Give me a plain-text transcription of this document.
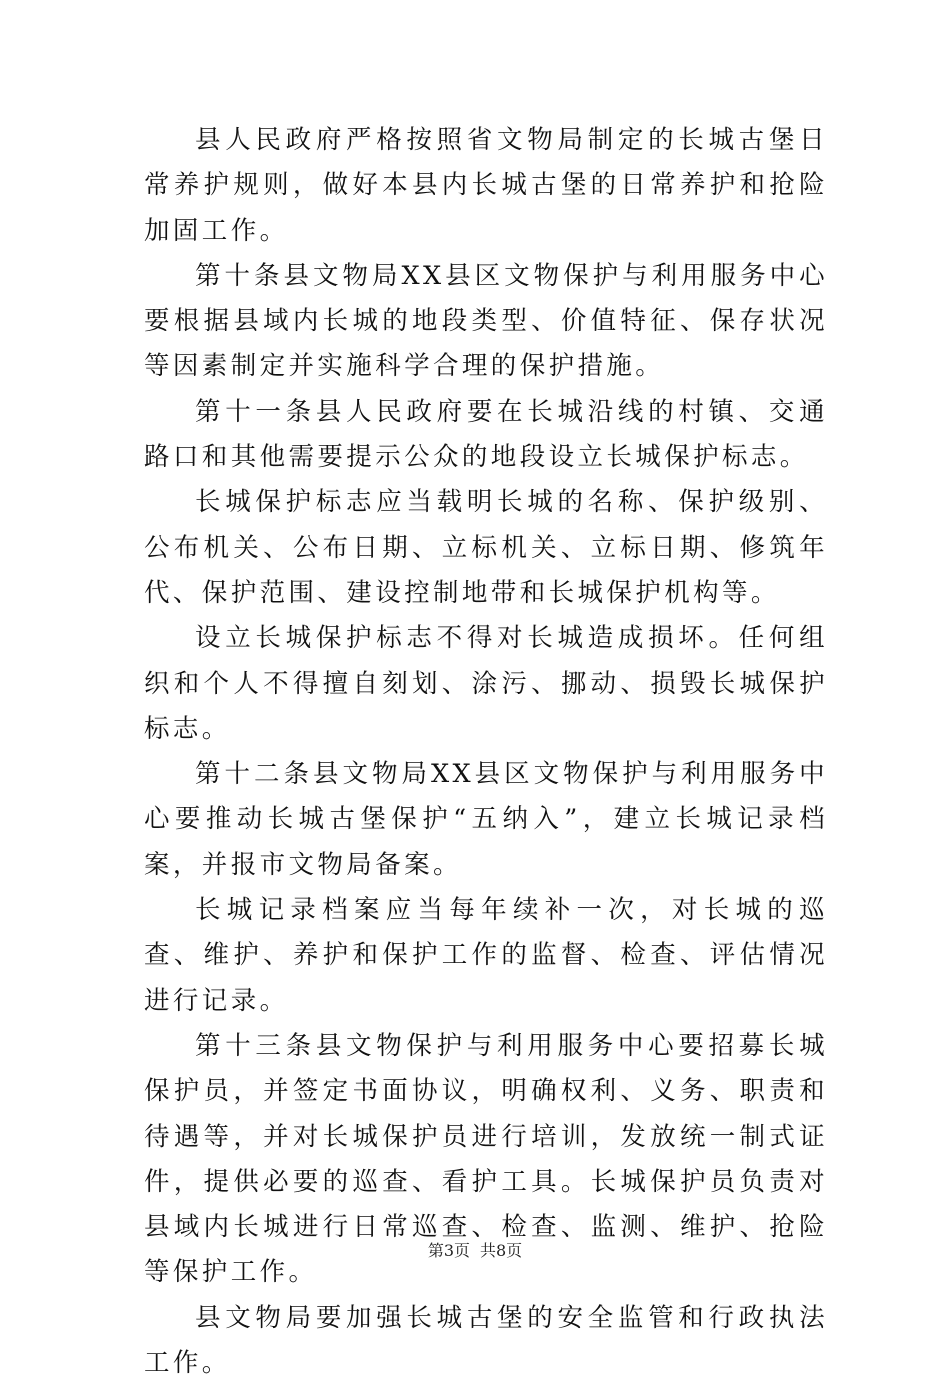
县人民政府严格按照省文物局制定的长城古堡日常养护规则，做好本县内长城古堡的日常养护和抢险加固工作。

第十条县文物局XX县区文物保护与利用服务中心要根据县域内长城的地段类型、价值特征、保存状况等因素制定并实施科学合理的保护措施。

第十一条县人民政府要在长城沿线的村镇、交通路口和其他需要提示公众的地段设立长城保护标志。

长城保护标志应当载明长城的名称、保护级别、公布机关、公布日期、立标机关、立标日期、修筑年代、保护范围、建设控制地带和长城保护机构等。

设立长城保护标志不得对长城造成损坏。任何组织和个人不得擅自刻划、涂污、挪动、损毁长城保护标志。

第十二条县文物局XX县区文物保护与利用服务中心要推动长城古堡保护“五纳入”，建立长城记录档案，并报市文物局备案。

长城记录档案应当每年续补一次，对长城的巡查、维护、养护和保护工作的监督、检查、评估情况进行记录。

第十三条县文物保护与利用服务中心要招募长城保护员，并签定书面协议，明确权利、义务、职责和待遇等，并对长城保护员进行培训，发放统一制式证件，提供必要的巡查、看护工具。长城保护员负责对县域内长城进行日常巡查、检查、监测、维护、抢险等保护工作。

县文物局要加强长城古堡的安全监管和行政执法工作。

第3页 共8页
